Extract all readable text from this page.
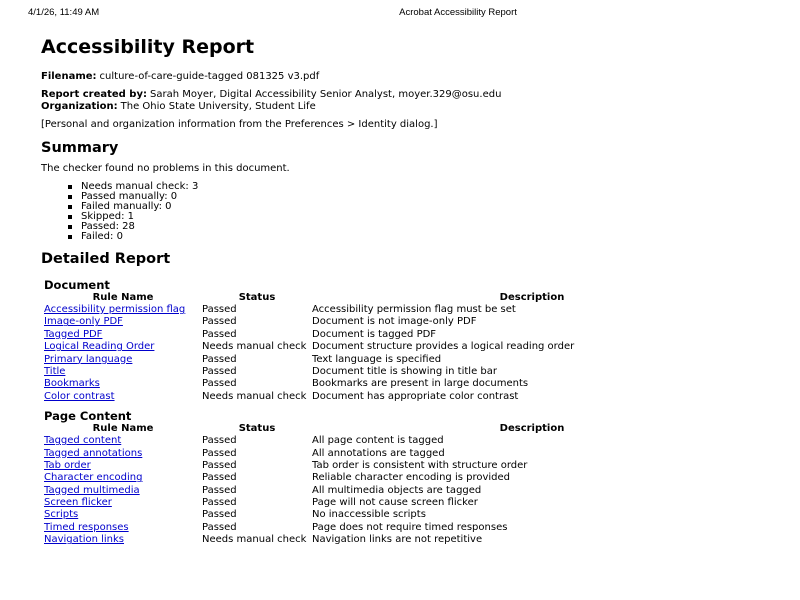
4/1/26, 11:49 AM	Acrobat Accessibility Report
Accessibility Report
Filename: culture-of-care-guide-tagged 081325 v3.pdf
Report created by: Sarah Moyer, Digital Accessibility Senior Analyst, moyer.329@osu.edu
Organization: The Ohio State University, Student Life
[Personal and organization information from the Preferences > Identity dialog.]
Summary
The checker found no problems in this document.
Needs manual check: 3
Passed manually: 0
Failed manually: 0
Skipped: 1
Passed: 28
Failed: 0
Detailed Report
Document
Rule Name	Status	Description
Accessibility permission flag	Passed	Accessibility permission flag must be set
Image-only PDF	Passed	Document is not image-only PDF
Tagged PDF	Passed	Document is tagged PDF
Logical Reading Order	Needs manual check	Document structure provides a logical reading order
Primary language	Passed	Text language is specified
Title	Passed	Document title is showing in title bar
Bookmarks	Passed	Bookmarks are present in large documents
Color contrast	Needs manual check	Document has appropriate color contrast
Page Content
Rule Name	Status	Description
Tagged content	Passed	All page content is tagged
Tagged annotations	Passed	All annotations are tagged
Tab order	Passed	Tab order is consistent with structure order
Character encoding	Passed	Reliable character encoding is provided
Tagged multimedia	Passed	All multimedia objects are tagged
Screen flicker	Passed	Page will not cause screen flicker
Scripts	Passed	No inaccessible scripts
Timed responses	Passed	Page does not require timed responses
Navigation links	Needs manual check	Navigation links are not repetitive
